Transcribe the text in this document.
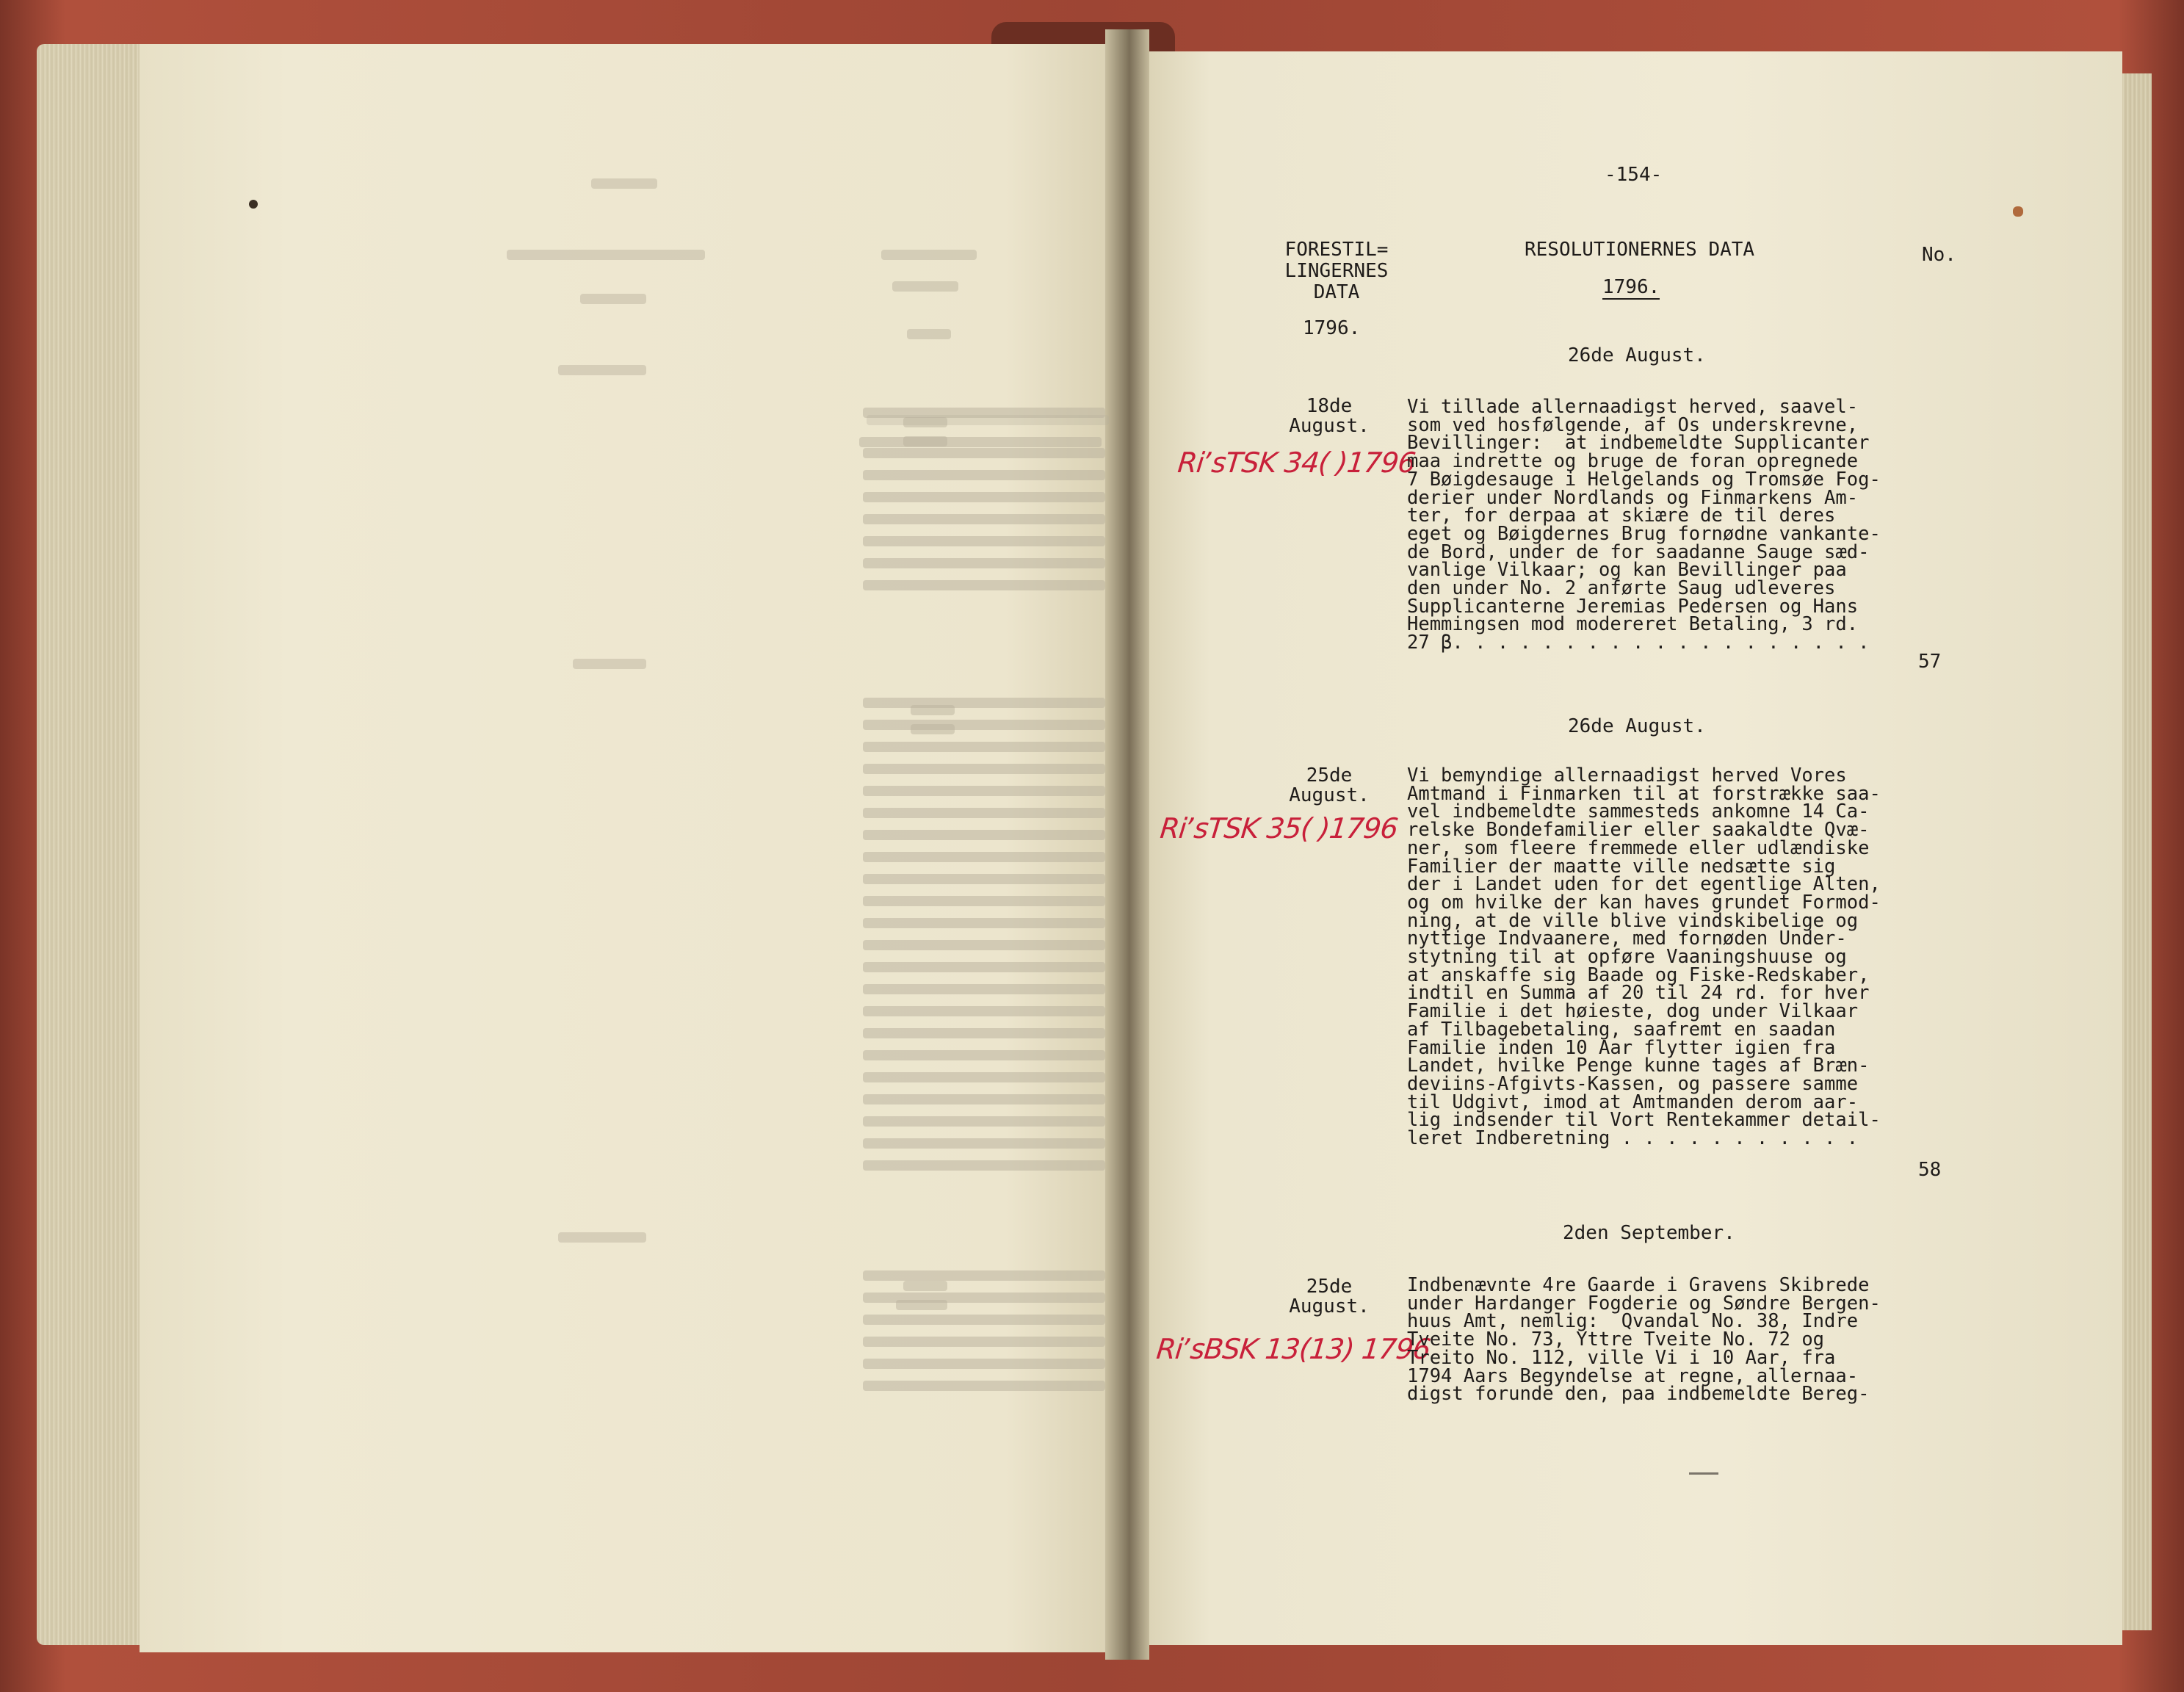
-154-
FORESTIL=
LINGERNES
DATA
RESOLUTIONERNES DATA	No.
1796.
1796.
26de August.
18de
August.
RiʼsTSK 34( )1796
Vi tillade allernaadigst herved, saavel-
som ved hosfølgende, af Os underskrevne,
Bevillinger:  at indbemeldte Supplicanter
maa indrette og bruge de foran opregnede
7 Bøigdesauge i Helgelands og Tromsøe Fog-
derier under Nordlands og Finmarkens Am-
ter, for derpaa at skiære de til deres
eget og Bøigdernes Brug fornødne vankante-
de Bord, under de for saadanne Sauge sæd-
vanlige Vilkaar; og kan Bevillinger paa
den under No. 2 anførte Saug udleveres
Supplicanterne Jeremias Pedersen og Hans
Hemmingsen mod modereret Betaling, 3 rd.
27 β. . . . . . . . . . . . . . . . . . .
57
26de August.
25de
August.
RiʼsTSK 35( )1796
Vi bemyndige allernaadigst herved Vores
Amtmand i Finmarken til at forstrække saa-
vel indbemeldte sammesteds ankomne 14 Ca-
relske Bondefamilier eller saakaldte Qvæ-
ner, som fleere fremmede eller udlændiske
Familier der maatte ville nedsætte sig
der i Landet uden for det egentlige Alten,
og om hvilke der kan haves grundet Formod-
ning, at de ville blive vindskibelige og
nyttige Indvaanere, med fornøden Under-
stytning til at opføre Vaaningshuuse og
at anskaffe sig Baade og Fiske-Redskaber,
indtil en Summa af 20 til 24 rd. for hver
Familie i det høieste, dog under Vilkaar
af Tilbagebetaling, saafremt en saadan
Familie inden 10 Aar flytter igien fra
Landet, hvilke Penge kunne tages af Bræn-
deviins-Afgivts-Kassen, og passere samme
til Udgivt, imod at Amtmanden derom aar-
lig indsender til Vort Rentekammer detail-
leret Indberetning . . . . . . . . . . .
58
2den September.
25de
August.
RiʼsBSK 13(13) 1796
Indbenævnte 4re Gaarde i Gravens Skibrede
under Hardanger Fogderie og Søndre Bergen-
huus Amt, nemlig:  Qvandal No. 38, Indre
Tveite No. 73, Yttre Tveite No. 72 og
Treito No. 112, ville Vi i 10 Aar, fra
1794 Aars Begyndelse at regne, allernaa-
digst forunde den, paa indbemeldte Bereg-
